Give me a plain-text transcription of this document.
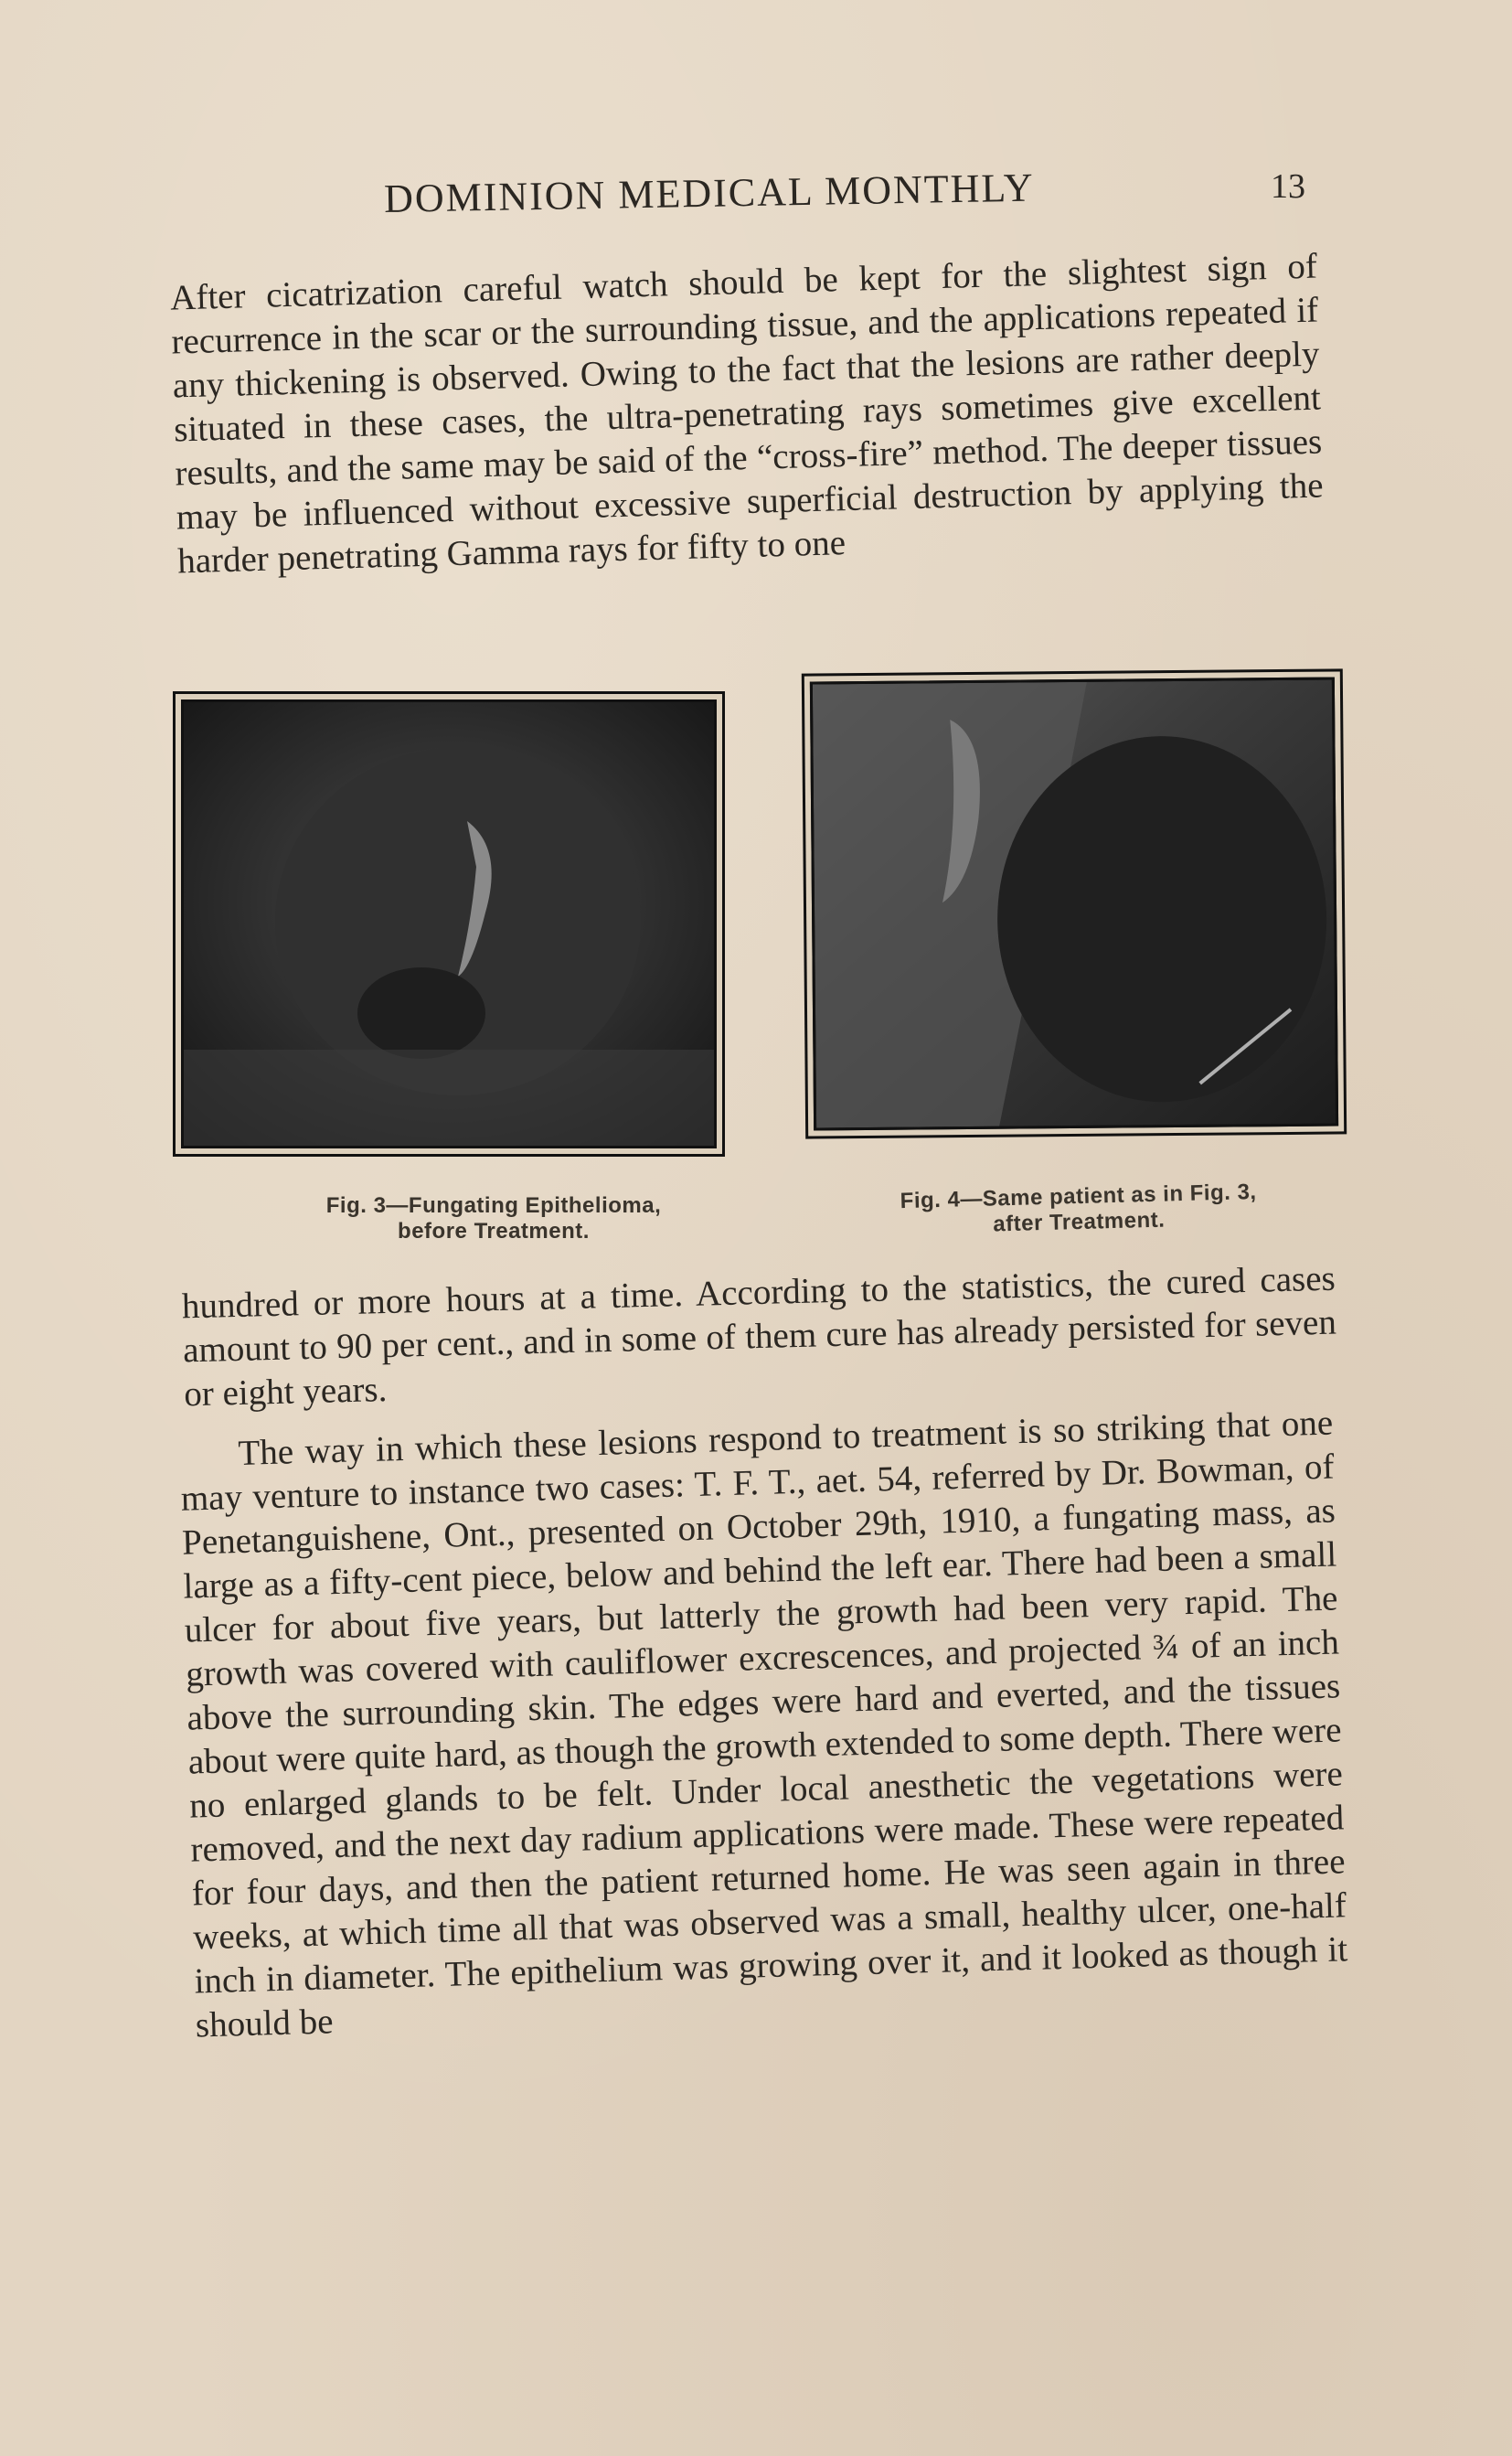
DOMINION MEDICAL MONTHLY	13

After cicatrization careful watch should be kept for the slightest sign of recurrence in the scar or the surrounding tissue, and the applications repeated if any thickening is observed. Owing to the fact that the lesions are rather deeply situated in these cases, the ultra-penetrating rays sometimes give excellent results, and the same may be said of the “cross-fire” method. The deeper tissues may be influenced without excessive superficial destruction by applying the harder penetrating Gamma rays for fifty to one

Fig. 3—Fungating Epithelioma,
before Treatment.
Fig. 4—Same patient as in Fig. 3,
after Treatment.

hundred or more hours at a time. According to the statistics, the cured cases amount to 90 per cent., and in some of them cure has already persisted for seven or eight years.

The way in which these lesions respond to treatment is so striking that one may venture to instance two cases: T. F. T., aet. 54, referred by Dr. Bowman, of Penetanguishene, Ont., presented on October 29th, 1910, a fungating mass, as large as a fifty-cent piece, below and behind the left ear. There had been a small ulcer for about five years, but latterly the growth had been very rapid. The growth was covered with cauliflower excrescences, and projected ¾ of an inch above the surrounding skin. The edges were hard and everted, and the tissues about were quite hard, as though the growth extended to some depth. There were no enlarged glands to be felt. Under local anesthetic the vegetations were removed, and the next day radium applications were made. These were repeated for four days, and then the patient returned home. He was seen again in three weeks, at which time all that was observed was a small, healthy ulcer, one-half inch in diameter. The epithelium was growing over it, and it looked as though it should be
